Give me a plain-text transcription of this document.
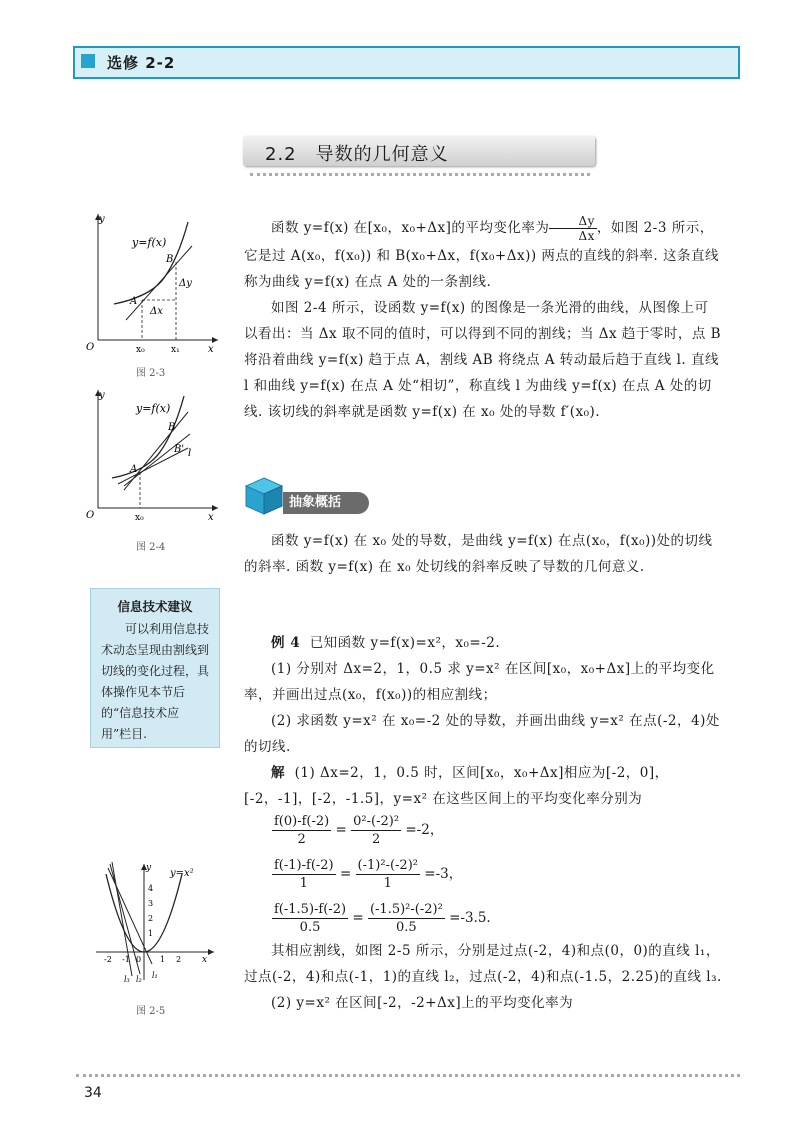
选修 2-2
2.2　导数的几何意义
y
y=f(x)
B
A
Δy
Δx
O	x₀	x₁	x
图 2-3
y
y=f(x)
B
B'
A
l
O	x₀	x
图 2-4
信息技术建议
可以利用信息技术动态呈现由割线到切线的变化过程，具体操作见本节后的“信息技术应用”栏目.
y y=x²
4
3
2
1
-2 -1 0 1 2 x
l₁
l₂
l₃
图 2-5

函数 y=f(x) 在[x₀，x₀+Δx]的平均变化率为 $\frac{\Delta y}{\Delta x}$ ，如图 2-3 所示，它是过 A(x₀，f(x₀)) 和 B(x₀+Δx，f(x₀+Δx)) 两点的直线的斜率. 这条直线称为曲线 y=f(x) 在点 A 处的一条割线.

如图 2-4 所示，设函数 y=f(x) 的图像是一条光滑的曲线，从图像上可以看出：当 Δx 取不同的值时，可以得到不同的割线；当 Δx 趋于零时，点 B 将沿着曲线 y=f(x) 趋于点 A，割线 AB 将绕点 A 转动最后趋于直线 l. 直线 l 和曲线 y=f(x) 在点 A 处“相切”，称直线 l 为曲线 y=f(x) 在点 A 处的切线. 该切线的斜率就是函数 y=f(x) 在 x₀ 处的导数 f′(x₀).

抽象概括

函数 y=f(x) 在 x₀ 处的导数，是曲线 y=f(x) 在点(x₀，f(x₀))处的切线的斜率. 函数 y=f(x) 在 x₀ 处切线的斜率反映了导数的几何意义.

例 4 已知函数 y=f(x)=x²，x₀=-2.

(1) 分别对 Δx=2，1，0.5 求 y=x² 在区间[x₀，x₀+Δx]上的平均变化率，并画出过点(x₀，f(x₀))的相应割线；

(2) 求函数 y=x² 在 x₀=-2 处的导数，并画出曲线 y=x² 在点(-2，4)处的切线.

解 (1) Δx=2，1，0.5 时，区间[x₀，x₀+Δx]相应为[-2，0]，[-2，-1]，[-2，-1.5]，y=x² 在这些区间上的平均变化率分别为

$\frac{f(0)-f(-2)}{2} = \frac{\text{0²-(-2)²}}{2} =-2$，
$\frac{f(-1)-f(-2)}{1} = \frac{\text{(-1)²-(-2)²}}{1} =-3$，
$\frac{f(-1.5)-f(-2)}{0.5} = \frac{\text{(-1.5)²-(-2)²}}{0.5} =-3.5$.

其相应割线，如图 2-5 所示，分别是过点(-2，4)和点(0，0)的直线 l₁，过点(-2，4)和点(-1，1)的直线 l₂，过点(-2，4)和点(-1.5，2.25)的直线 l₃.

(2) y=x² 在区间[-2，-2+Δx]上的平均变化率为

34
